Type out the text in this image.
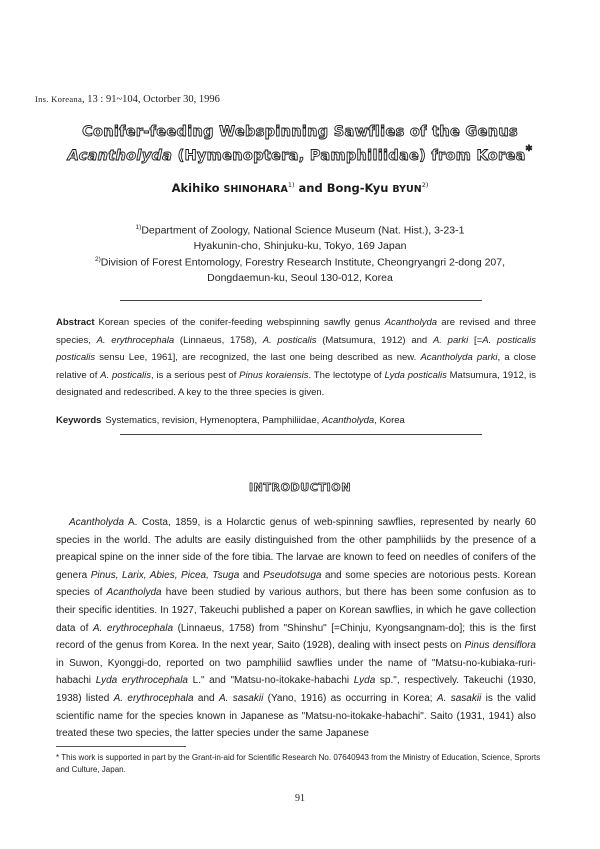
Ins. Koreana, 13 : 91~104, Octorber 30, 1996
Conifer-feeding Webspinning Sawflies of the Genus
Acantholyda (Hymenoptera, Pamphiliidae) from Korea*
Akihiko SHINOHARA$^{1)}$ and Bong-Kyu BYUN$^{2)}$
$^{1)}$Department of Zoology, National Science Museum (Nat. Hist.), 3-23-1
Hyakunin-cho, Shinjuku-ku, Tokyo, 169 Japan
$^{2)}$Division of Forest Entomology, Forestry Research Institute, Cheongryangri 2-dong 207,
Dongdaemun-ku, Seoul 130-012, Korea
Abstract Korean species of the conifer-feeding webspinning sawfly genus Acantholyda are revised and three species, A. erythrocephala (Linnaeus, 1758), A. posticalis (Matsumura, 1912) and A. parki [=A. posticalis posticalis sensu Lee, 1961], are recognized, the last one being described as new. Acantholyda parki, a close relative of A. posticalis, is a serious pest of Pinus koraiensis. The lectotype of Lyda posticalis Matsumura, 1912, is designated and redescribed. A key to the three species is given.
Keywords Systematics, revision, Hymenoptera, Pamphiliidae, Acantholyda, Korea
INTRODUCTION

Acantholyda A. Costa, 1859, is a Holarctic genus of web-spinning sawflies, represented by nearly 60 species in the world. The adults are easily distinguished from the other pamphiliids by the presence of a preapical spine on the inner side of the fore tibia. The larvae are known to feed on needles of conifers of the genera Pinus, Larix, Abies, Picea, Tsuga and Pseudotsuga and some species are notorious pests. Korean species of Acantholyda have been studied by various authors, but there has been some confusion as to their specific identities. In 1927, Takeuchi published a paper on Korean sawflies, in which he gave collection data of A. erythrocephala (Linnaeus, 1758) from "Shinshu" [=Chinju, Kyongsangnam-do]; this is the first record of the genus from Korea. In the next year, Saito (1928), dealing with insect pests on Pinus densiflora in Suwon, Kyonggi-do, reported on two pamphiliid sawflies under the name of "Matsu-no-kubiaka-ruri-habachi Lyda erythrocephala L." and "Matsu-no-itokake-habachi Lyda sp.", respectively. Takeuchi (1930, 1938) listed A. erythrocephala and A. sasakii (Yano, 1916) as occurring in Korea; A. sasakii is the valid scientific name for the species known in Japanese as "Matsu-no-itokake-habachi". Saito (1931, 1941) also treated these two species, the latter species under the same Japanese

* This work is supported in part by the Grant-in-aid for Scientific Research No. 07640943 from the Ministry of Education, Science, Sprorts and Culture, Japan.
91
